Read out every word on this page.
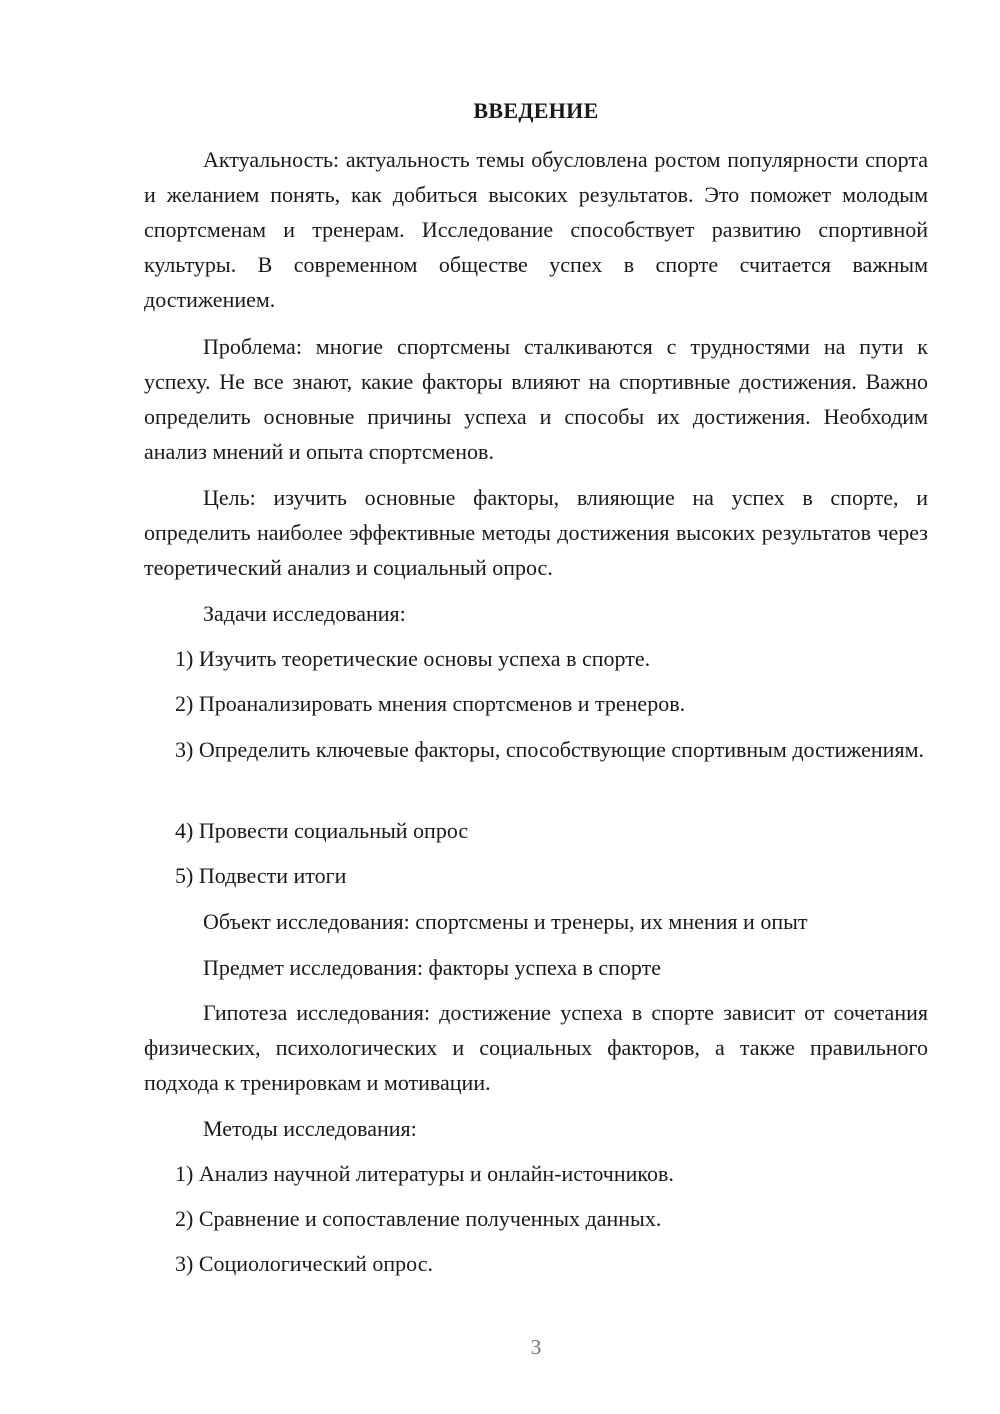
ВВЕДЕНИЕ

Актуальность: актуальность темы обусловлена ростом популярности спорта и желанием понять, как добиться высоких результатов. Это поможет молодым спортсменам и тренерам. Исследование способствует развитию спортивной культуры. В современном обществе успех в спорте считается важным достижением.

Проблема: многие спортсмены сталкиваются с трудностями на пути к успеху. Не все знают, какие факторы влияют на спортивные достижения. Важно определить основные причины успеха и способы их достижения. Необходим анализ мнений и опыта спортсменов.

Цель: изучить основные факторы, влияющие на успех в спорте, и определить наиболее эффективные методы достижения высоких результатов через теоретический анализ и социальный опрос.

Задачи исследования:

1) Изучить теоретические основы успеха в спорте.

2) Проанализировать мнения спортсменов и тренеров.

3) Определить ключевые факторы, способствующие спортивным достижениям.

4) Провести социальный опрос

5) Подвести итоги

Объект исследования: спортсмены и тренеры, их мнения и опыт

Предмет исследования: факторы успеха в спорте

Гипотеза исследования: достижение успеха в спорте зависит от сочетания физических, психологических и социальных факторов, а также правильного подхода к тренировкам и мотивации.

Методы исследования:

1) Анализ научной литературы и онлайн-источников.

2) Сравнение и сопоставление полученных данных.

3) Социологический опрос.

3
